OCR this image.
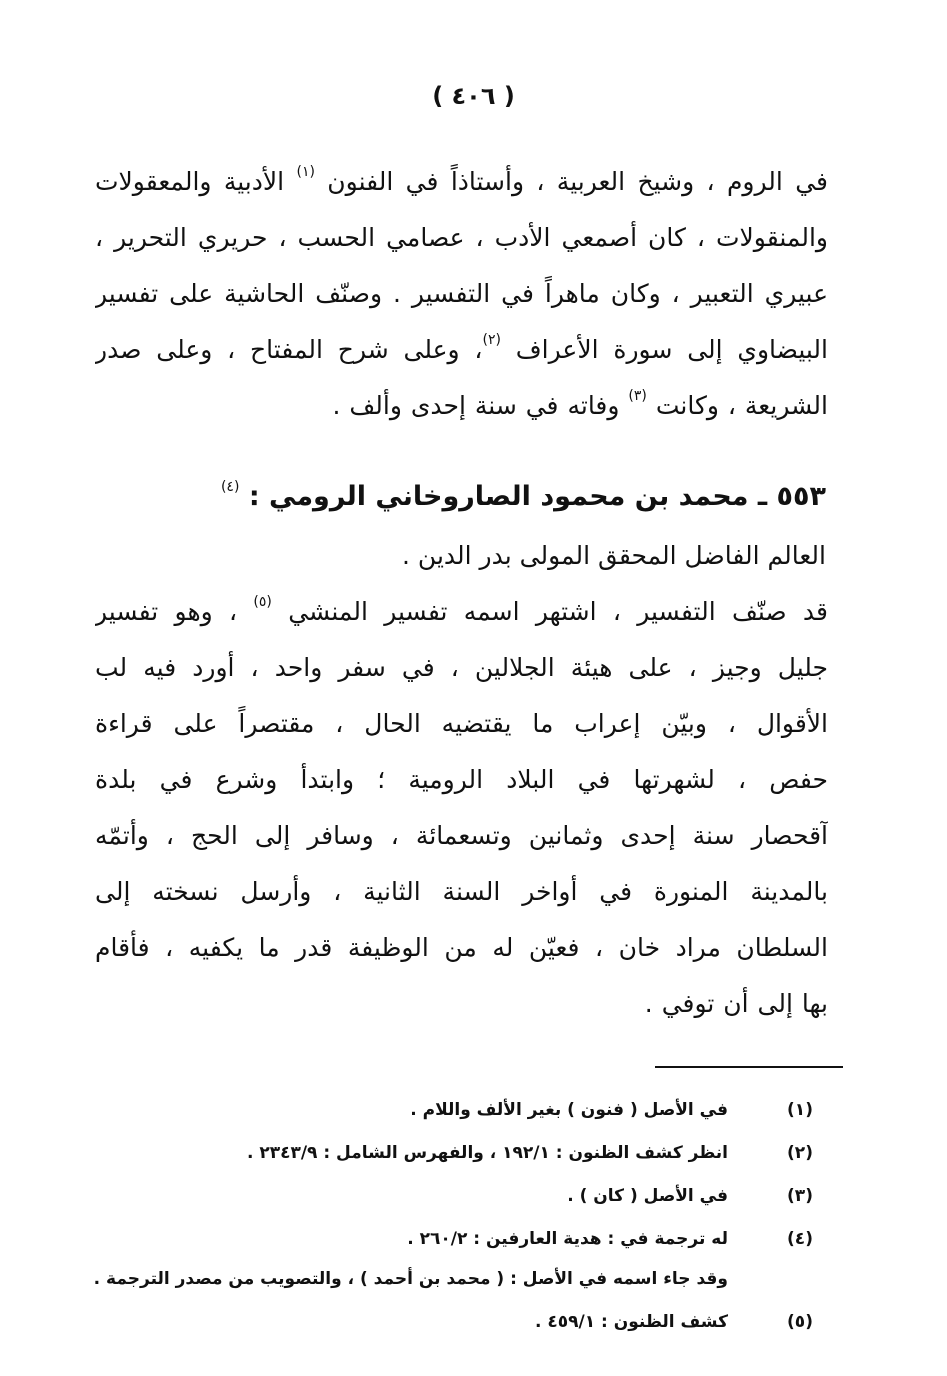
( ٤٠٦ )
في الروم ، وشيخ العربية ، وأستاذاً في الفنون $^{(١)}$ الأدبية والمعقولات
والمنقولات ، كان أصمعي الأدب ، عصامي الحسب ، حريري التحرير ،
عبيري التعبير ، وكان ماهراً في التفسير . وصنّف الحاشية على تفسير
البيضاوي إلى سورة الأعراف $^{(٢)}$، وعلى شرح المفتاح ، وعلى صدر
الشريعة ، وكانت $^{(٣)}$ وفاته في سنة إحدى وألف .
٥٥٣ ـ محمد بن محمود الصاروخاني الرومي : $^{(٤)}$
العالم الفاضل المحقق المولى بدر الدين .
قد صنّف التفسير ، اشتهر اسمه تفسير المنشي $^{(٥)}$ ، وهو تفسير
جليل وجيز ، على هيئة الجلالين ، في سفر واحد ، أورد فيه لب
الأقوال ، وبيّن إعراب ما يقتضيه الحال ، مقتصراً على قراءة
حفص ، لشهرتها في البلاد الرومية ؛ وابتدأ وشرع في بلدة
آقحصار سنة إحدى وثمانين وتسعمائة ، وسافر إلى الحج ، وأتمّه
بالمدينة المنورة في أواخر السنة الثانية ، وأرسل نسخته إلى
السلطان مراد خان ، فعيّن له من الوظيفة قدر ما يكفيه ، فأقام
بها إلى أن توفي .
(١)
في الأصل ( فنون ) بغير الألف واللام .
(٢)
انظر كشف الظنون : ١٩٢/١ ، والفهرس الشامل : ٢٣٤٣/٩ .
(٣)
في الأصل ( كان ) .
(٤)
له ترجمة في : هدية العارفين : ٢٦٠/٢ .
وقد جاء اسمه في الأصل : ( محمد بن أحمد ) ، والتصويب من مصدر الترجمة .
(٥)
كشف الظنون : ٤٥٩/١ .
